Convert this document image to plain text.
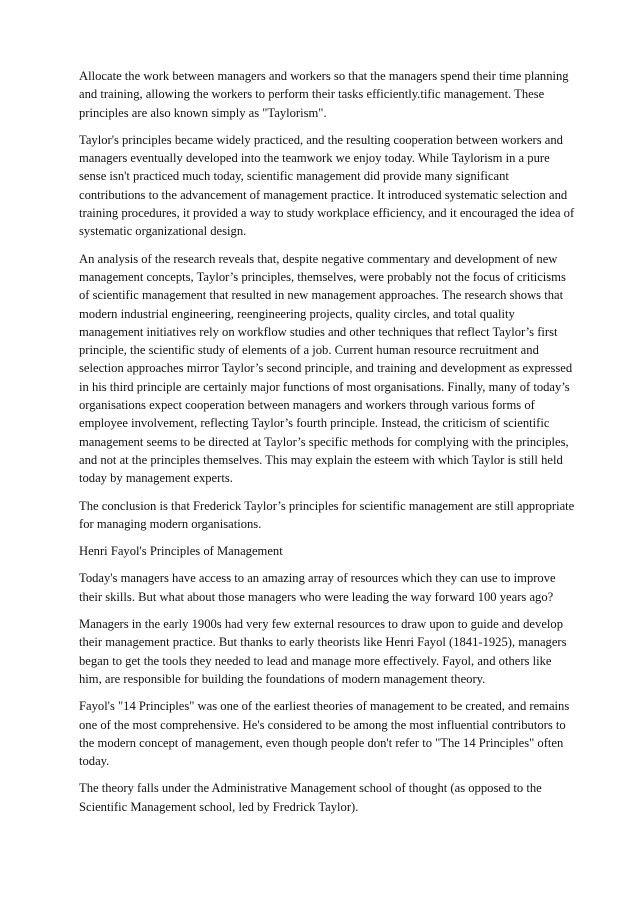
Allocate the work between managers and workers so that the managers spend their time planning and training, allowing the workers to perform their tasks efficiently.tific management. These principles are also known simply as "Taylorism".

Taylor's principles became widely practiced, and the resulting cooperation between workers and managers eventually developed into the teamwork we enjoy today. While Taylorism in a pure sense isn't practiced much today, scientific management did provide many significant contributions to the advancement of management practice. It introduced systematic selection and training procedures, it provided a way to study workplace efficiency, and it encouraged the idea of systematic organizational design.

An analysis of the research reveals that, despite negative commentary and development of new management concepts, Taylor’s principles, themselves, were probably not the focus of criticisms of scientific management that resulted in new management approaches. The research shows that modern industrial engineering, reengineering projects, quality circles, and total quality management initiatives rely on workflow studies and other techniques that reflect Taylor’s first principle, the scientific study of elements of a job. Current human resource recruitment and selection approaches mirror Taylor’s second principle, and training and development as expressed in his third principle are certainly major functions of most organisations. Finally, many of today’s organisations expect cooperation between managers and workers through various forms of employee involvement, reflecting Taylor’s fourth principle. Instead, the criticism of scientific management seems to be directed at Taylor’s specific methods for complying with the principles, and not at the principles themselves. This may explain the esteem with which Taylor is still held today by management experts.

The conclusion is that Frederick Taylor’s principles for scientific management are still appropriate for managing modern organisations.

Henri Fayol's Principles of Management

Today's managers have access to an amazing array of resources which they can use to improve their skills. But what about those managers who were leading the way forward 100 years ago?

Managers in the early 1900s had very few external resources to draw upon to guide and develop their management practice. But thanks to early theorists like Henri Fayol (1841-1925), managers began to get the tools they needed to lead and manage more effectively. Fayol, and others like him, are responsible for building the foundations of modern management theory.

Fayol's "14 Principles" was one of the earliest theories of management to be created, and remains one of the most comprehensive. He's considered to be among the most influential contributors to the modern concept of management, even though people don't refer to "The 14 Principles" often today.

The theory falls under the Administrative Management school of thought (as opposed to the Scientific Management school, led by Fredrick Taylor).
